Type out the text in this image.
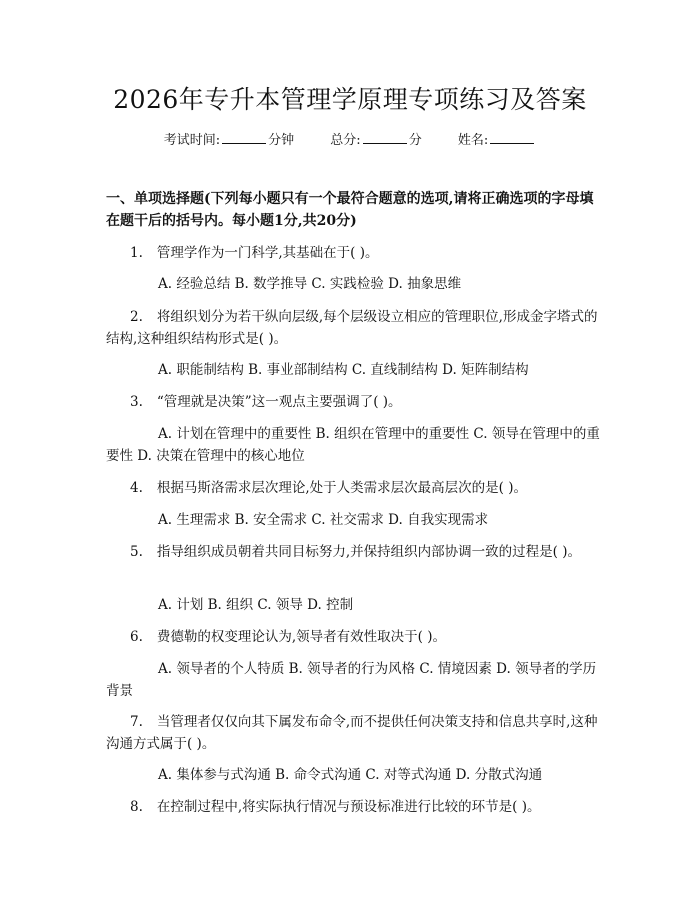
2026年专升本管理学原理专项练习及答案
考试时间:	分钟	总分:	分	姓名:
一、单项选择题(下列每小题只有一个最符合题意的选项,请将正确选项的字母填在题干后的括号内。每小题1分,共20分)
1. 管理学作为一门科学,其基础在于( )。
A. 经验总结 B. 数学推导 C. 实践检验 D. 抽象思维
2. 将组织划分为若干纵向层级,每个层级设立相应的管理职位,形成金字塔式的结构,这种组织结构形式是( )。
A. 职能制结构 B. 事业部制结构 C. 直线制结构 D. 矩阵制结构
3. “管理就是决策”这一观点主要强调了( )。
A. 计划在管理中的重要性 B. 组织在管理中的重要性 C. 领导在管理中的重要性 D. 决策在管理中的核心地位
4. 根据马斯洛需求层次理论,处于人类需求层次最高层次的是( )。
A. 生理需求 B. 安全需求 C. 社交需求 D. 自我实现需求
5. 指导组织成员朝着共同目标努力,并保持组织内部协调一致的过程是( )。
A. 计划 B. 组织 C. 领导 D. 控制
6. 费德勒的权变理论认为,领导者有效性取决于( )。
A. 领导者的个人特质 B. 领导者的行为风格 C. 情境因素 D. 领导者的学历背景
7. 当管理者仅仅向其下属发布命令,而不提供任何决策支持和信息共享时,这种沟通方式属于( )。
A. 集体参与式沟通 B. 命令式沟通 C. 对等式沟通 D. 分散式沟通
8. 在控制过程中,将实际执行情况与预设标准进行比较的环节是( )。
